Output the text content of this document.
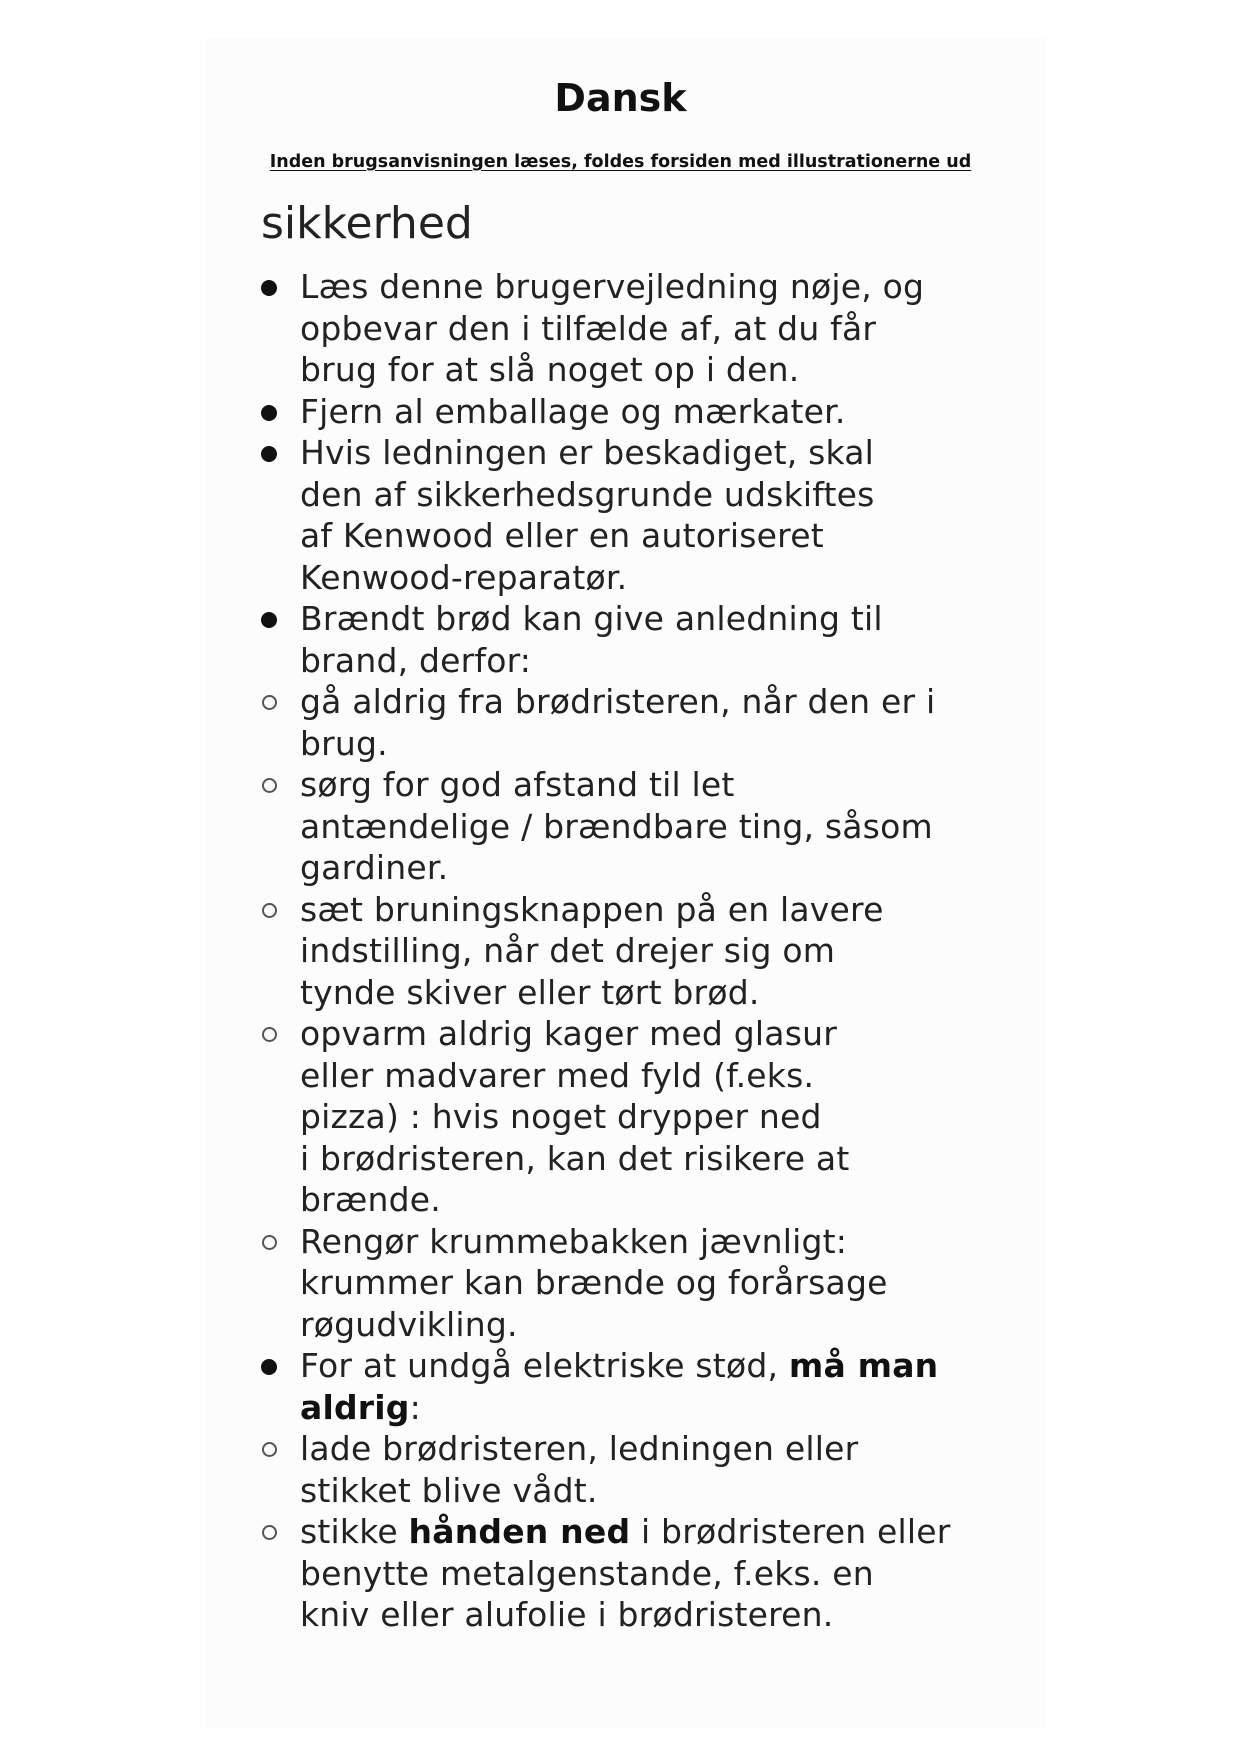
Dansk

Inden brugsanvisningen læses, foldes forsiden med illustrationerne ud

sikkerhed
Læs denne brugervejledning nøje, og
opbevar den i tilfælde af, at du får
brug for at slå noget op i den.
Fjern al emballage og mærkater.
Hvis ledningen er beskadiget, skal
den af sikkerhedsgrunde udskiftes
af Kenwood eller en autoriseret
Kenwood-reparatør.
Brændt brød kan give anledning til
brand, derfor:
gå aldrig fra brødristeren, når den er i
brug.
sørg for god afstand til let
antændelige / brændbare ting, såsom
gardiner.
sæt bruningsknappen på en lavere
indstilling, når det drejer sig om
tynde skiver eller tørt brød.
opvarm aldrig kager med glasur
eller madvarer med fyld (f.eks.
pizza) : hvis noget drypper ned
i brødristeren, kan det risikere at
brænde.
Rengør krummebakken jævnligt:
krummer kan brænde og forårsage
røgudvikling.
For at undgå elektriske stød, må man
aldrig:
lade brødristeren, ledningen eller
stikket blive vådt.
stikke hånden ned i brødristeren eller
benytte metalgenstande, f.eks. en
kniv eller alufolie i brødristeren.
